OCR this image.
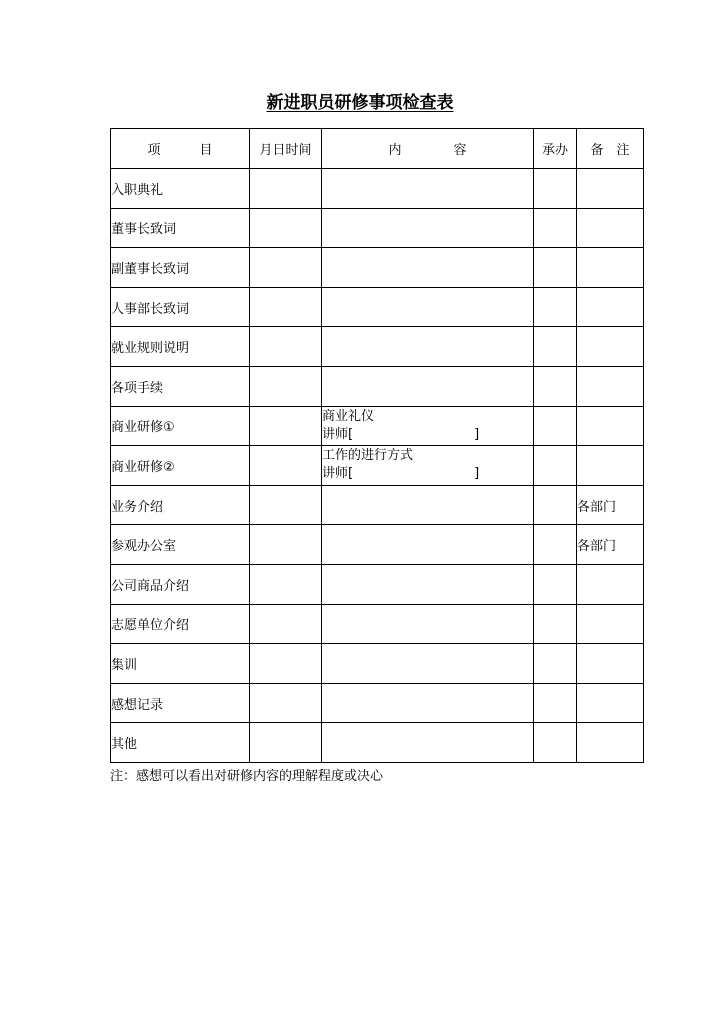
新进职员研修事项检查表
项　　　目	月日时间	内　　　　容	承办	备　注
入职典礼				
董事长致词				
副董事长致词				
人事部长致词				
就业规则说明				
各项手续				
商业研修①		商业礼仪
讲师[ ]		

商业研修②		工作的进行方式
讲师[ ]		

业务介绍				各部门
参观办公室				各部门
公司商品介绍				
志愿单位介绍				
集训				
感想记录				
其他				
注：感想可以看出对研修内容的理解程度或决心
